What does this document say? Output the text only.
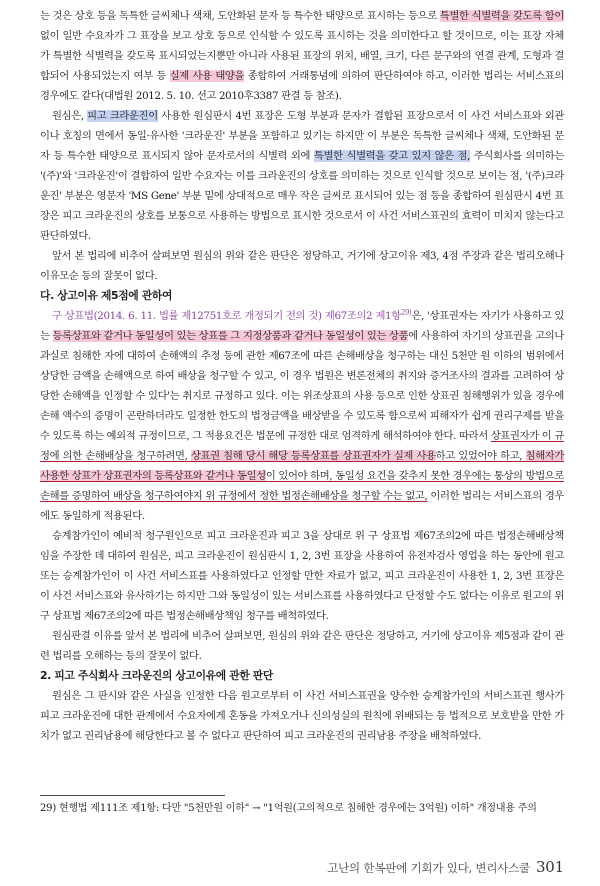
는 것은 상호 등을 독특한 글씨체나 색채, 도안화된 문자 등 특수한 태양으로 표시하는 등으로 특별한 식별력을 갖도록 함이 없이 일반 수요자가 그 표장을 보고 상호 등으로 인식할 수 있도록 표시하는 것을 의미한다고 할 것이므로, 이는 표장 자체가 특별한 식별력을 갖도록 표시되었는지뿐만 아니라 사용된 표장의 위치, 배열, 크기, 다른 문구와의 연결 관계, 도형과 결합되어 사용되었는지 여부 등 실제 사용 태양을 종합하여 거래통념에 의하여 판단하여야 하고, 이러한 법리는 서비스표의 경우에도 같다(대법원 2012. 5. 10. 선고 2010후3387 판결 등 참조).

원심은, 피고 크라운진이 사용한 원심판시 4번 표장은 도형 부분과 문자가 결합된 표장으로서 이 사건 서비스표와 외관이나 호칭의 면에서 동일·유사한 '크라운진' 부분을 포함하고 있기는 하지만 이 부분은 독특한 글씨체나 색채, 도안화된 문자 등 특수한 태양으로 표시되지 않아 문자로서의 식별력 외에 특별한 식별력을 갖고 있지 않은 점, 주식회사를 의미하는 '(주)'와 '크라운진'이 결합하여 일반 수요자는 이를 크라운진의 상호를 의미하는 것으로 인식할 것으로 보이는 점, '(주)크라운진' 부분은 영문자 'MS Gene' 부분 밑에 상대적으로 매우 작은 글씨로 표시되어 있는 점 등을 종합하여 원심판시 4번 표장은 피고 크라운진의 상호를 보통으로 사용하는 방법으로 표시한 것으로서 이 사건 서비스표권의 효력이 미치지 않는다고 판단하였다.

앞서 본 법리에 비추어 살펴보면 원심의 위와 같은 판단은 정당하고, 거기에 상고이유 제3, 4점 주장과 같은 법리오해나 이유모순 등의 잘못이 없다.

다. 상고이유 제5점에 관하여

구 상표법(2014. 6. 11. 법률 제12751호로 개정되기 전의 것) 제67조의2 제1항$^{29)}$은, '상표권자는 자기가 사용하고 있는 등록상표와 같거나 동일성이 있는 상표를 그 지정상품과 같거나 동일성이 있는 상품에 사용하여 자기의 상표권을 고의나 과실로 침해한 자에 대하여 손해액의 추정 등에 관한 제67조에 따른 손해배상을 청구하는 대신 5천만 원 이하의 범위에서 상당한 금액을 손해액으로 하여 배상을 청구할 수 있고, 이 경우 법원은 변론전체의 취지와 증거조사의 결과를 고려하여 상당한 손해액을 인정할 수 있다'는 취지로 규정하고 있다. 이는 위조상표의 사용 등으로 인한 상표권 침해행위가 있을 경우에 손해 액수의 증명이 곤란하더라도 일정한 한도의 법정금액을 배상받을 수 있도록 함으로써 피해자가 쉽게 권리구제를 받을 수 있도록 하는 예외적 규정이므로, 그 적용요건은 법문에 규정한 대로 엄격하게 해석하여야 한다. 따라서 상표권자가 이 규정에 의한 손해배상을 청구하려면, 상표권 침해 당시 해당 등록상표를 상표권자가 실제 사용하고 있었어야 하고, 침해자가 사용한 상표가 상표권자의 등록상표와 같거나 동일성이 있어야 하며, 동일성 요건을 갖추지 못한 경우에는 통상의 방법으로 손해를 증명하여 배상을 청구하여야지 위 규정에서 정한 법정손해배상을 청구할 수는 없고, 이러한 법리는 서비스표의 경우에도 동일하게 적용된다.

승계참가인이 예비적 청구원인으로 피고 크라운진과 피고 3을 상대로 위 구 상표법 제67조의2에 따른 법정손해배상책임을 주장한 데 대하여 원심은, 피고 크라운진이 원심판시 1, 2, 3번 표장을 사용하여 유전자검사 영업을 하는 동안에 원고 또는 승계참가인이 이 사건 서비스표를 사용하였다고 인정할 만한 자료가 없고, 피고 크라운진이 사용한 1, 2, 3번 표장은 이 사건 서비스표와 유사하기는 하지만 그와 동일성이 있는 서비스표를 사용하였다고 단정할 수도 없다는 이유로 원고의 위 구 상표법 제67조의2에 따른 법정손해배상책임 청구를 배척하였다.

원심판결 이유를 앞서 본 법리에 비추어 살펴보면, 원심의 위와 같은 판단은 정당하고, 거기에 상고이유 제5점과 같이 관련 법리를 오해하는 등의 잘못이 없다.

2. 피고 주식회사 크라운진의 상고이유에 관한 판단

원심은 그 판시와 같은 사실을 인정한 다음 원고로부터 이 사건 서비스표권을 양수한 승계참가인의 서비스표권 행사가 피고 크라운진에 대한 관계에서 수요자에게 혼동을 가져오거나 신의성실의 원칙에 위배되는 등 법적으로 보호받을 만한 가치가 없고 권리남용에 해당한다고 볼 수 없다고 판단하여 피고 크라운진의 권리남용 주장을 배척하였다.

29) 현행법 제111조 제1항: 다만 "5천만원 이하" → "1억원(고의적으로 침해한 경우에는 3억원) 이하" 개정내용 주의

고난의 한복판에 기회가 있다, 변리사스쿨 301
